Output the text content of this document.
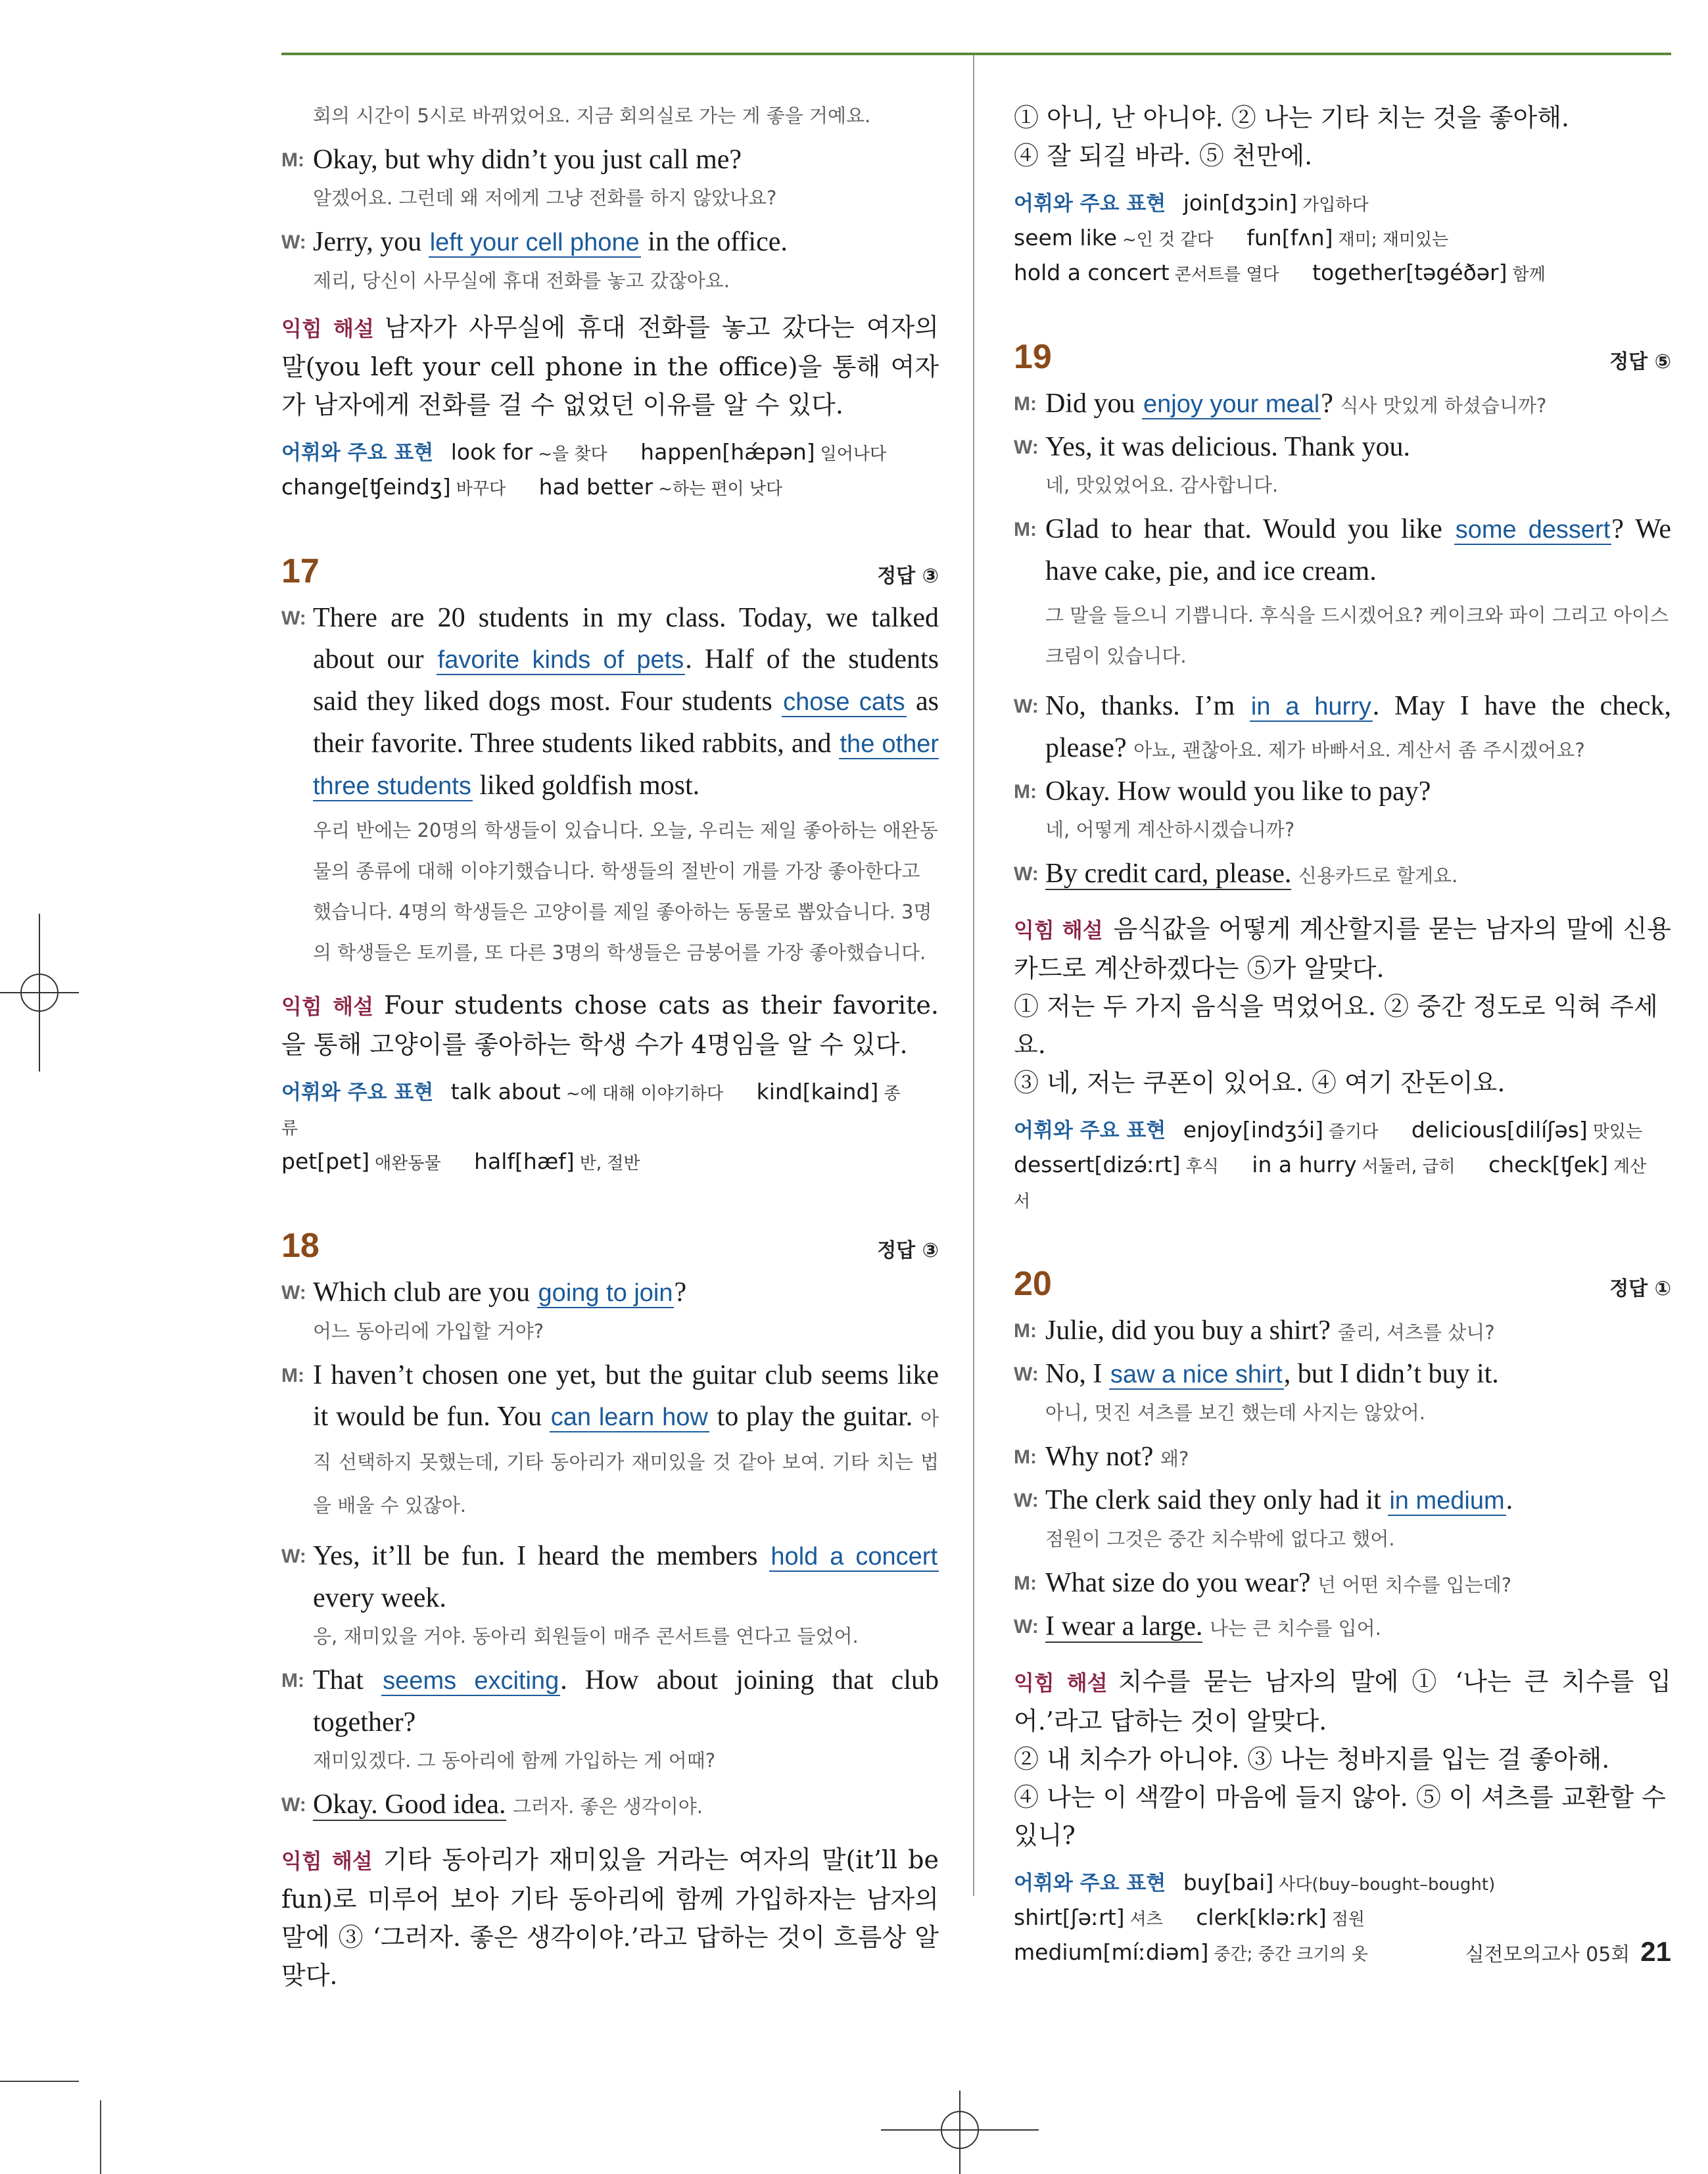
회의 시간이 5시로 바뀌었어요. 지금 회의실로 가는 게 좋을 거예요.
M: Okay, but why didn’t you just call me?
알겠어요. 그런데 왜 저에게 그냥 전화를 하지 않았나요?
W: Jerry, you left your cell phone in the office.
제리, 당신이 사무실에 휴대 전화를 놓고 갔잖아요.
익힘 해설 남자가 사무실에 휴대 전화를 놓고 갔다는 여자의 말(you left your cell phone in the office)을 통해 여자가 남자에게 전화를 걸 수 없었던 이유를 알 수 있다.
어휘와 주요 표현 look for ~을 찾다 happen[hǽpən] 일어나다
change[ʧeindʒ] 바꾸다 had better ~하는 편이 낫다
17	정답 ③
W: There are 20 students in my class. Today, we talked about our favorite kinds of pets. Half of the students said they liked dogs most. Four students chose cats as their favorite. Three students liked rabbits, and the other three students liked goldfish most.
우리 반에는 20명의 학생들이 있습니다. 오늘, 우리는 제일 좋아하는 애완동물의 종류에 대해 이야기했습니다. 학생들의 절반이 개를 가장 좋아한다고 했습니다. 4명의 학생들은 고양이를 제일 좋아하는 동물로 뽑았습니다. 3명의 학생들은 토끼를, 또 다른 3명의 학생들은 금붕어를 가장 좋아했습니다.
익힘 해설 Four students chose cats as their favorite.을 통해 고양이를 좋아하는 학생 수가 4명임을 알 수 있다.
어휘와 주요 표현 talk about ~에 대해 이야기하다 kind[kaind] 종류
pet[pet] 애완동물 half[hæf] 반, 절반
18	정답 ③
W: Which club are you going to join?
어느 동아리에 가입할 거야?
M: I haven’t chosen one yet, but the guitar club seems like it would be fun. You can learn how to play the guitar. 아직 선택하지 못했는데, 기타 동아리가 재미있을 것 같아 보여. 기타 치는 법을 배울 수 있잖아.
W: Yes, it’ll be fun. I heard the members hold a concert every week.
응, 재미있을 거야. 동아리 회원들이 매주 콘서트를 연다고 들었어.
M: That seems exciting. How about joining that club together?
재미있겠다. 그 동아리에 함께 가입하는 게 어때?
W: Okay. Good idea. 그러자. 좋은 생각이야.
익힘 해설 기타 동아리가 재미있을 거라는 여자의 말(it’ll be fun)로 미루어 보아 기타 동아리에 함께 가입하자는 남자의 말에 ③ ‘그러자. 좋은 생각이야.’라고 답하는 것이 흐름상 알맞다.
① 아니, 난 아니야. ② 나는 기타 치는 것을 좋아해.
④ 잘 되길 바라. ⑤ 천만에.
어휘와 주요 표현 join[dʒɔin] 가입하다
seem like ~인 것 같다 fun[fʌn] 재미; 재미있는
hold a concert 콘서트를 열다 together[təgéðər] 함께
19	정답 ⑤
M: Did you enjoy your meal? 식사 맛있게 하셨습니까?
W: Yes, it was delicious. Thank you.
네, 맛있었어요. 감사합니다.
M: Glad to hear that. Would you like some dessert? We have cake, pie, and ice cream.
그 말을 들으니 기쁩니다. 후식을 드시겠어요? 케이크와 파이 그리고 아이스크림이 있습니다.
W: No, thanks. I’m in a hurry. May I have the check, please? 아뇨, 괜찮아요. 제가 바빠서요. 계산서 좀 주시겠어요?
M: Okay. How would you like to pay?
네, 어떻게 계산하시겠습니까?
W: By credit card, please. 신용카드로 할게요.
익힘 해설 음식값을 어떻게 계산할지를 묻는 남자의 말에 신용카드로 계산하겠다는 ⑤가 알맞다.
① 저는 두 가지 음식을 먹었어요. ② 중간 정도로 익혀 주세요.
③ 네, 저는 쿠폰이 있어요. ④ 여기 잔돈이요.
어휘와 주요 표현 enjoy[indʒɔ́i] 즐기다 delicious[dilíʃəs] 맛있는
dessert[dizə́ːrt] 후식 in a hurry 서둘러, 급히 check[ʧek] 계산서
20	정답 ①
M: Julie, did you buy a shirt? 줄리, 셔츠를 샀니?
W: No, I saw a nice shirt, but I didn’t buy it.
아니, 멋진 셔츠를 보긴 했는데 사지는 않았어.
M: Why not? 왜?
W: The clerk said they only had it in medium.
점원이 그것은 중간 치수밖에 없다고 했어.
M: What size do you wear? 넌 어떤 치수를 입는데?
W: I wear a large. 나는 큰 치수를 입어.
익힘 해설 치수를 묻는 남자의 말에 ① ‘나는 큰 치수를 입어.’라고 답하는 것이 알맞다.
② 내 치수가 아니야. ③ 나는 청바지를 입는 걸 좋아해.
④ 나는 이 색깔이 마음에 들지 않아. ⑤ 이 셔츠를 교환할 수 있니?
어휘와 주요 표현 buy[bai] 사다(buy–bought–bought)
shirt[ʃəːrt] 셔츠 clerk[kləːrk] 점원
medium[míːdiəm] 중간; 중간 크기의 옷	실전모의고사 05회 21
